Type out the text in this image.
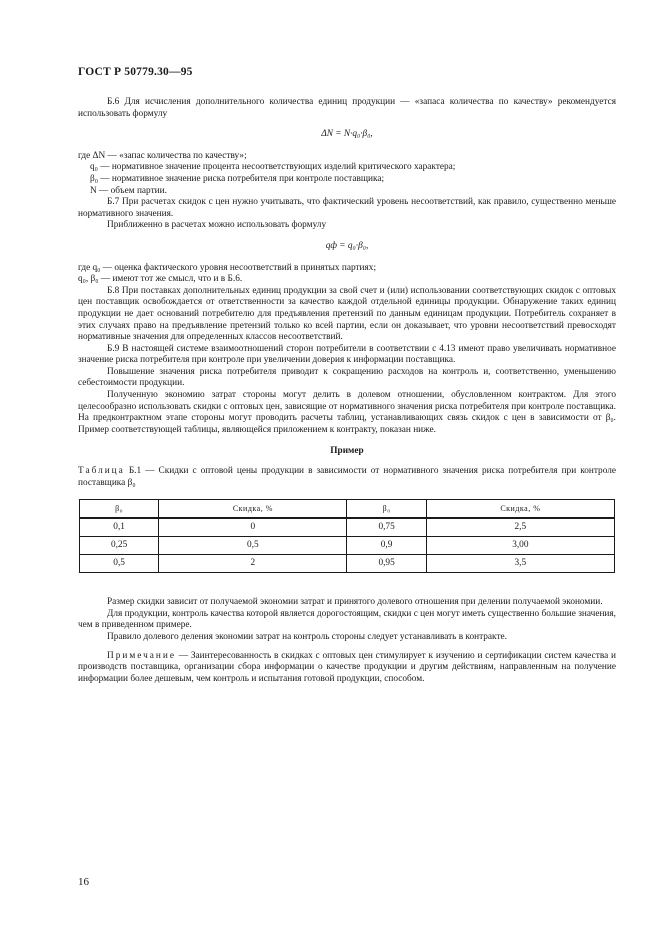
ГОСТ Р 50779.30—95

Б.6 Для исчисления дополнительного количества единиц продукции — «запаса количества по качеству» рекомендуется использовать формулу

ΔN = N·q₀·β₀,

где ΔN — «запас количества по качеству»;

q₀ — нормативное значение процента несоответствующих изделий критического характера;

β₀ — нормативное значение риска потребителя при контроле поставщика;

N — объем партии.

Б.7 При расчетах скидок с цен нужно учитывать, что фактический уровень несоответствий, как правило, существенно меньше нормативного значения.

Приближенно в расчетах можно использовать формулу

qф = q₀·β₀,

где q₀ — оценка фактического уровня несоответствий в принятых партиях;

q₀, β₀ — имеют тот же смысл, что и в Б.6.

Б.8 При поставках дополнительных единиц продукции за свой счет и (или) использовании соответствующих скидок с оптовых цен поставщик освобождается от ответственности за качество каждой отдельной единицы продукции. Обнаружение таких единиц продукции не дает оснований потребителю для предъявления претензий по данным единицам продукции. Потребитель сохраняет в этих случаях право на предъявление претензий только ко всей партии, если он доказывает, что уровни несоответствий превосходят нормативные значения для определенных классов несоответствий.

Б.9 В настоящей системе взаимоотношений сторон потребители в соответствии с 4.13 имеют право увеличивать нормативное значение риска потребителя при контроле при увеличении доверия к информации поставщика.

Повышение значения риска потребителя приводит к сокращению расходов на контроль и, соответственно, уменьшению себестоимости продукции.

Полученную экономию затрат стороны могут делить в долевом отношении, обусловленном контрактом. Для этого целесообразно использовать скидки с оптовых цен, зависящие от нормативного значения риска потребителя при контроле поставщика. На предконтрактном этапе стороны могут проводить расчеты таблиц, устанавливающих связь скидок с цен в зависимости от β₀. Пример соответствующей таблицы, являющейся приложением к контракту, показан ниже.

Пример

Таблица Б.1 — Скидки с оптовой цены продукции в зависимости от нормативного значения риска потребителя при контроле поставщика β₀

β₀	Скидка, %	β₀	Скидка, %
0,1	0	0,75	2,5
0,25	0,5	0,9	3,00
0,5	2	0,95	3,5

Размер скидки зависит от получаемой экономии затрат и принятого долевого отношения при делении получаемой экономии.

Для продукции, контроль качества которой является дорогостоящим, скидки с цен могут иметь существенно большие значения, чем в приведенном примере.

Правило долевого деления экономии затрат на контроль стороны следует устанавливать в контракте.

Примечание — Заинтересованность в скидках с оптовых цен стимулирует к изучению и сертификации систем качества и производств поставщика, организации сбора информации о качестве продукции и другим действиям, направленным на получение информации более дешевым, чем контроль и испытания готовой продукции, способом.

16
